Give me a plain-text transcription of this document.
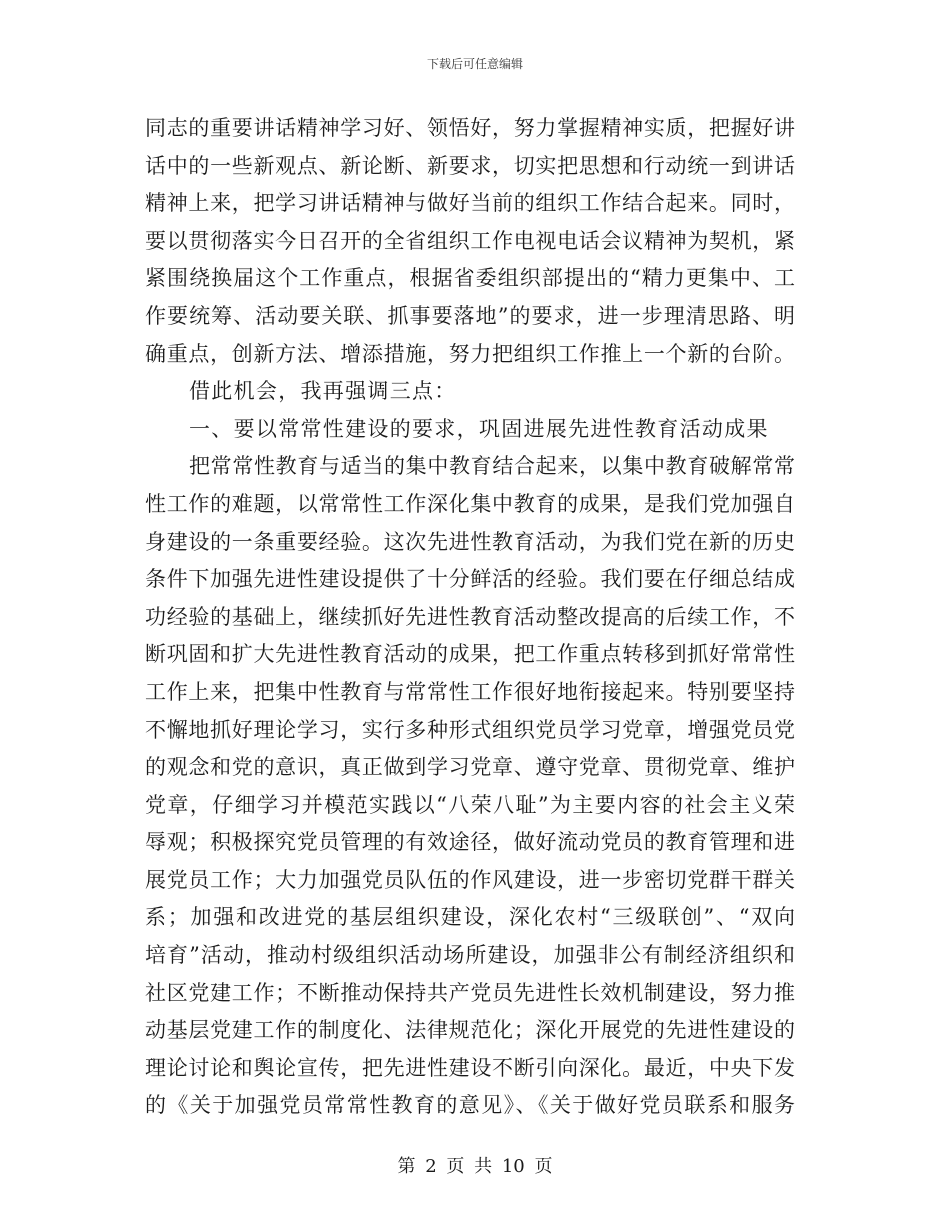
下载后可任意编辑
同志的重要讲话精神学习好、领悟好，努力掌握精神实质，把握好讲
话中的一些新观点、新论断、新要求，切实把思想和行动统一到讲话
精神上来，把学习讲话精神与做好当前的组织工作结合起来。同时，
要以贯彻落实今日召开的全省组织工作电视电话会议精神为契机，紧
紧围绕换届这个工作重点，根据省委组织部提出的“精力更集中、工
作要统筹、活动要关联、抓事要落地”的要求，进一步理清思路、明
确重点，创新方法、增添措施，努力把组织工作推上一个新的台阶。
借此机会，我再强调三点：
一、要以常常性建设的要求，巩固进展先进性教育活动成果
把常常性教育与适当的集中教育结合起来，以集中教育破解常常
性工作的难题，以常常性工作深化集中教育的成果，是我们党加强自
身建设的一条重要经验。这次先进性教育活动，为我们党在新的历史
条件下加强先进性建设提供了十分鲜活的经验。我们要在仔细总结成
功经验的基础上，继续抓好先进性教育活动整改提高的后续工作，不
断巩固和扩大先进性教育活动的成果，把工作重点转移到抓好常常性
工作上来，把集中性教育与常常性工作很好地衔接起来。特别要坚持
不懈地抓好理论学习，实行多种形式组织党员学习党章，增强党员党
的观念和党的意识，真正做到学习党章、遵守党章、贯彻党章、维护
党章，仔细学习并模范实践以“八荣八耻”为主要内容的社会主义荣
辱观；积极探究党员管理的有效途径，做好流动党员的教育管理和进
展党员工作；大力加强党员队伍的作风建设，进一步密切党群干群关
系；加强和改进党的基层组织建设，深化农村“三级联创”、“双向
培育”活动，推动村级组织活动场所建设，加强非公有制经济组织和
社区党建工作；不断推动保持共产党员先进性长效机制建设，努力推
动基层党建工作的制度化、法律规范化；深化开展党的先进性建设的
理论讨论和舆论宣传，把先进性建设不断引向深化。最近，中央下发
的《关于加强党员常常性教育的意见》、《关于做好党员联系和服务
第 2 页 共 10 页
